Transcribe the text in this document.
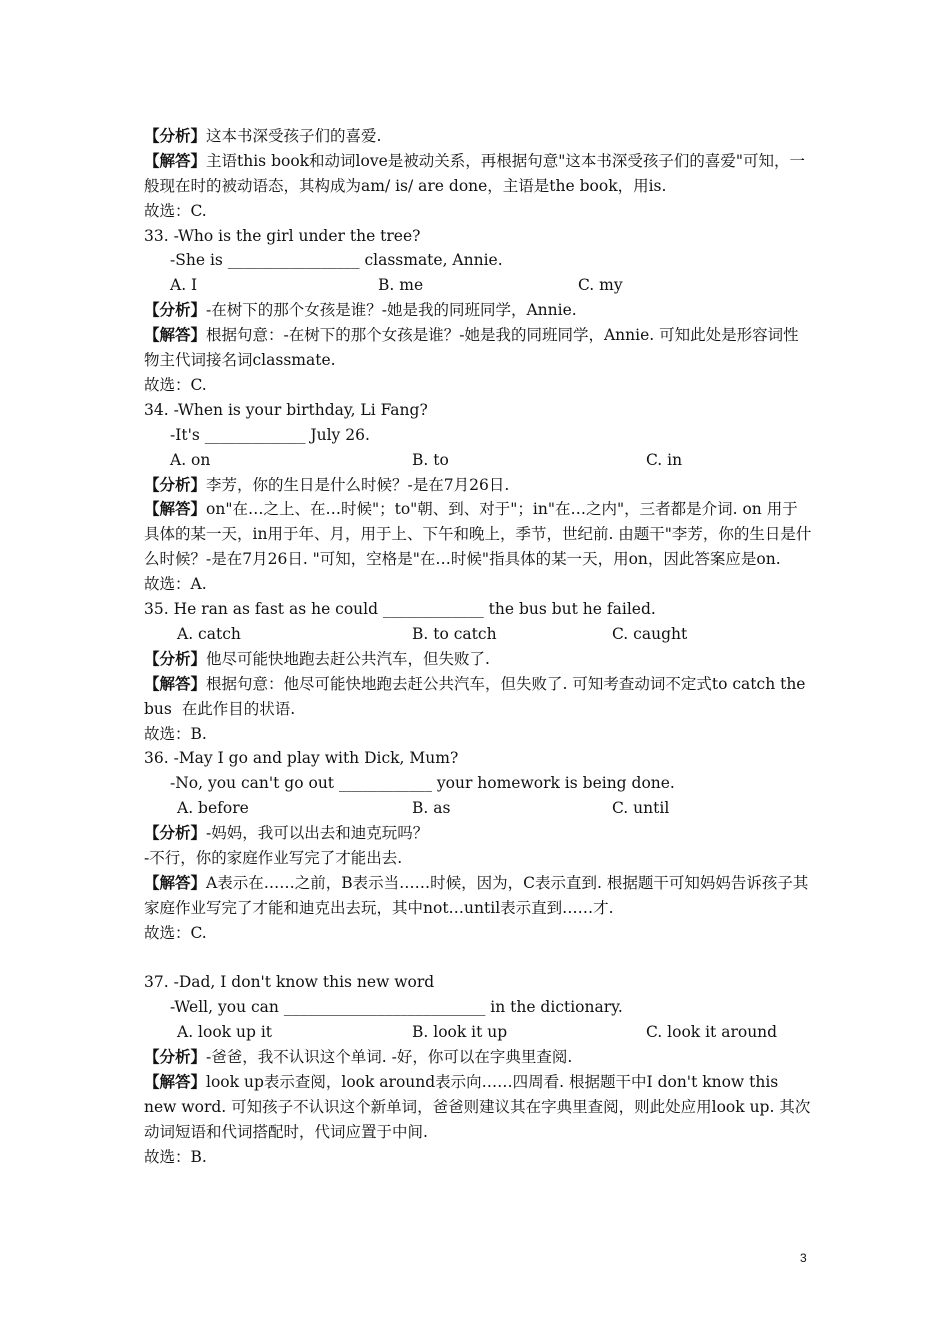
【分析】这本书深受孩子们的喜爱.
【解答】主语this book和动词love是被动关系，再根据句意"这本书深受孩子们的喜爱"可知，一般现在时的被动语态，其构成为am/ is/ are done，主语是the book，用is.
故选：C.
33. -Who is the girl under the tree?
-She is _________________ classmate, Annie.
A. I	B. me	C. my
【分析】-在树下的那个女孩是谁？-她是我的同班同学，Annie.
【解答】根据句意：-在树下的那个女孩是谁？-她是我的同班同学，Annie. 可知此处是形容词性物主代词接名词classmate.
故选：C.
34. -When is your birthday, Li Fang?
-It's _____________ July 26.
A. on	B. to	C. in
【分析】李芳，你的生日是什么时候？-是在7月26日.
【解答】on"在…之上、在…时候"；to"朝、到、对于"；in"在…之内"，三者都是介词. on 用于具体的某一天，in用于年、月，用于上、下午和晚上，季节，世纪前. 由题干"李芳，你的生日是什么时候？-是在7月26日. "可知，空格是"在…时候"指具体的某一天，用on，因此答案应是on.
故选：A.
35. He ran as fast as he could _____________ the bus but he failed.
A. catch	B. to catch	C. caught
【分析】他尽可能快地跑去赶公共汽车，但失败了.
【解答】根据句意：他尽可能快地跑去赶公共汽车，但失败了. 可知考查动词不定式to catch the  bus  在此作目的状语.
故选：B.
36. -May I go and play with Dick, Mum?
-No, you can't go out ____________ your homework is being done.
A. before	B. as	C. until
【分析】-妈妈，我可以出去和迪克玩吗？
-不行，你的家庭作业写完了才能出去.
【解答】A表示在……之前，B表示当……时候，因为，C表示直到. 根据题干可知妈妈告诉孩子其家庭作业写完了才能和迪克出去玩，其中not…until表示直到……才.
故选：C.
37. -Dad, I don't know this new word
-Well, you can __________________________ in the dictionary.
A. look up it	B. look it up	C. look it around
【分析】-爸爸，我不认识这个单词. -好，你可以在字典里查阅.
【解答】look up表示查阅，look around表示向……四周看. 根据题干中I don't know this new word. 可知孩子不认识这个新单词，爸爸则建议其在字典里查阅，则此处应用look up. 其次动词短语和代词搭配时，代词应置于中间.
故选：B.
3
